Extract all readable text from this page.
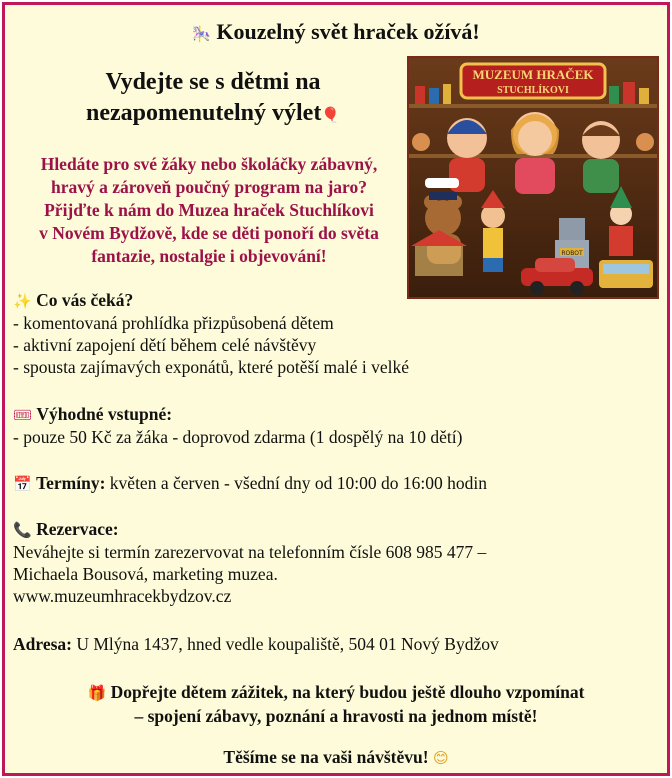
🎠 Kouzelný svět hraček ožívá!
Vydejte se s dětmi na
nezapomenutelný výlet🎈
Hledáte pro své žáky nebo školáčky zábavný,
hravý a zároveň poučný program na jaro?
Přijďte k nám do Muzea hraček Stuchlíkovi
v Novém Bydžově, kde se děti ponoří do světa
fantazie, nostalgie i objevování!
MUZEUM HRAČEK
STUCHLÍKOVI
ROBOT
✨ Co vás čeká?
- komentovaná prohlídka přizpůsobená dětem
- aktivní zapojení dětí během celé návštěvy
- spousta zajímavých exponátů, které potěší malé i velké
🎟 Výhodné vstupné:
- pouze 50 Kč za žáka - doprovod zdarma (1 dospělý na 10 dětí)
📅 Termíny: květen a červen - všední dny od 10:00 do 16:00 hodin
📞 Rezervace:
Neváhejte si termín zarezervovat na telefonním čísle 608 985 477 –
Michaela Bousová, marketing muzea.
www.muzeumhracekbydzov.cz
Adresa: U Mlýna 1437, hned vedle koupaliště, 504 01 Nový Bydžov
🎁 Dopřejte dětem zážitek, na který budou ještě dlouho vzpomínat
– spojení zábavy, poznání a hravosti na jednom místě!
Těšíme se na vaši návštěvu! 😊
